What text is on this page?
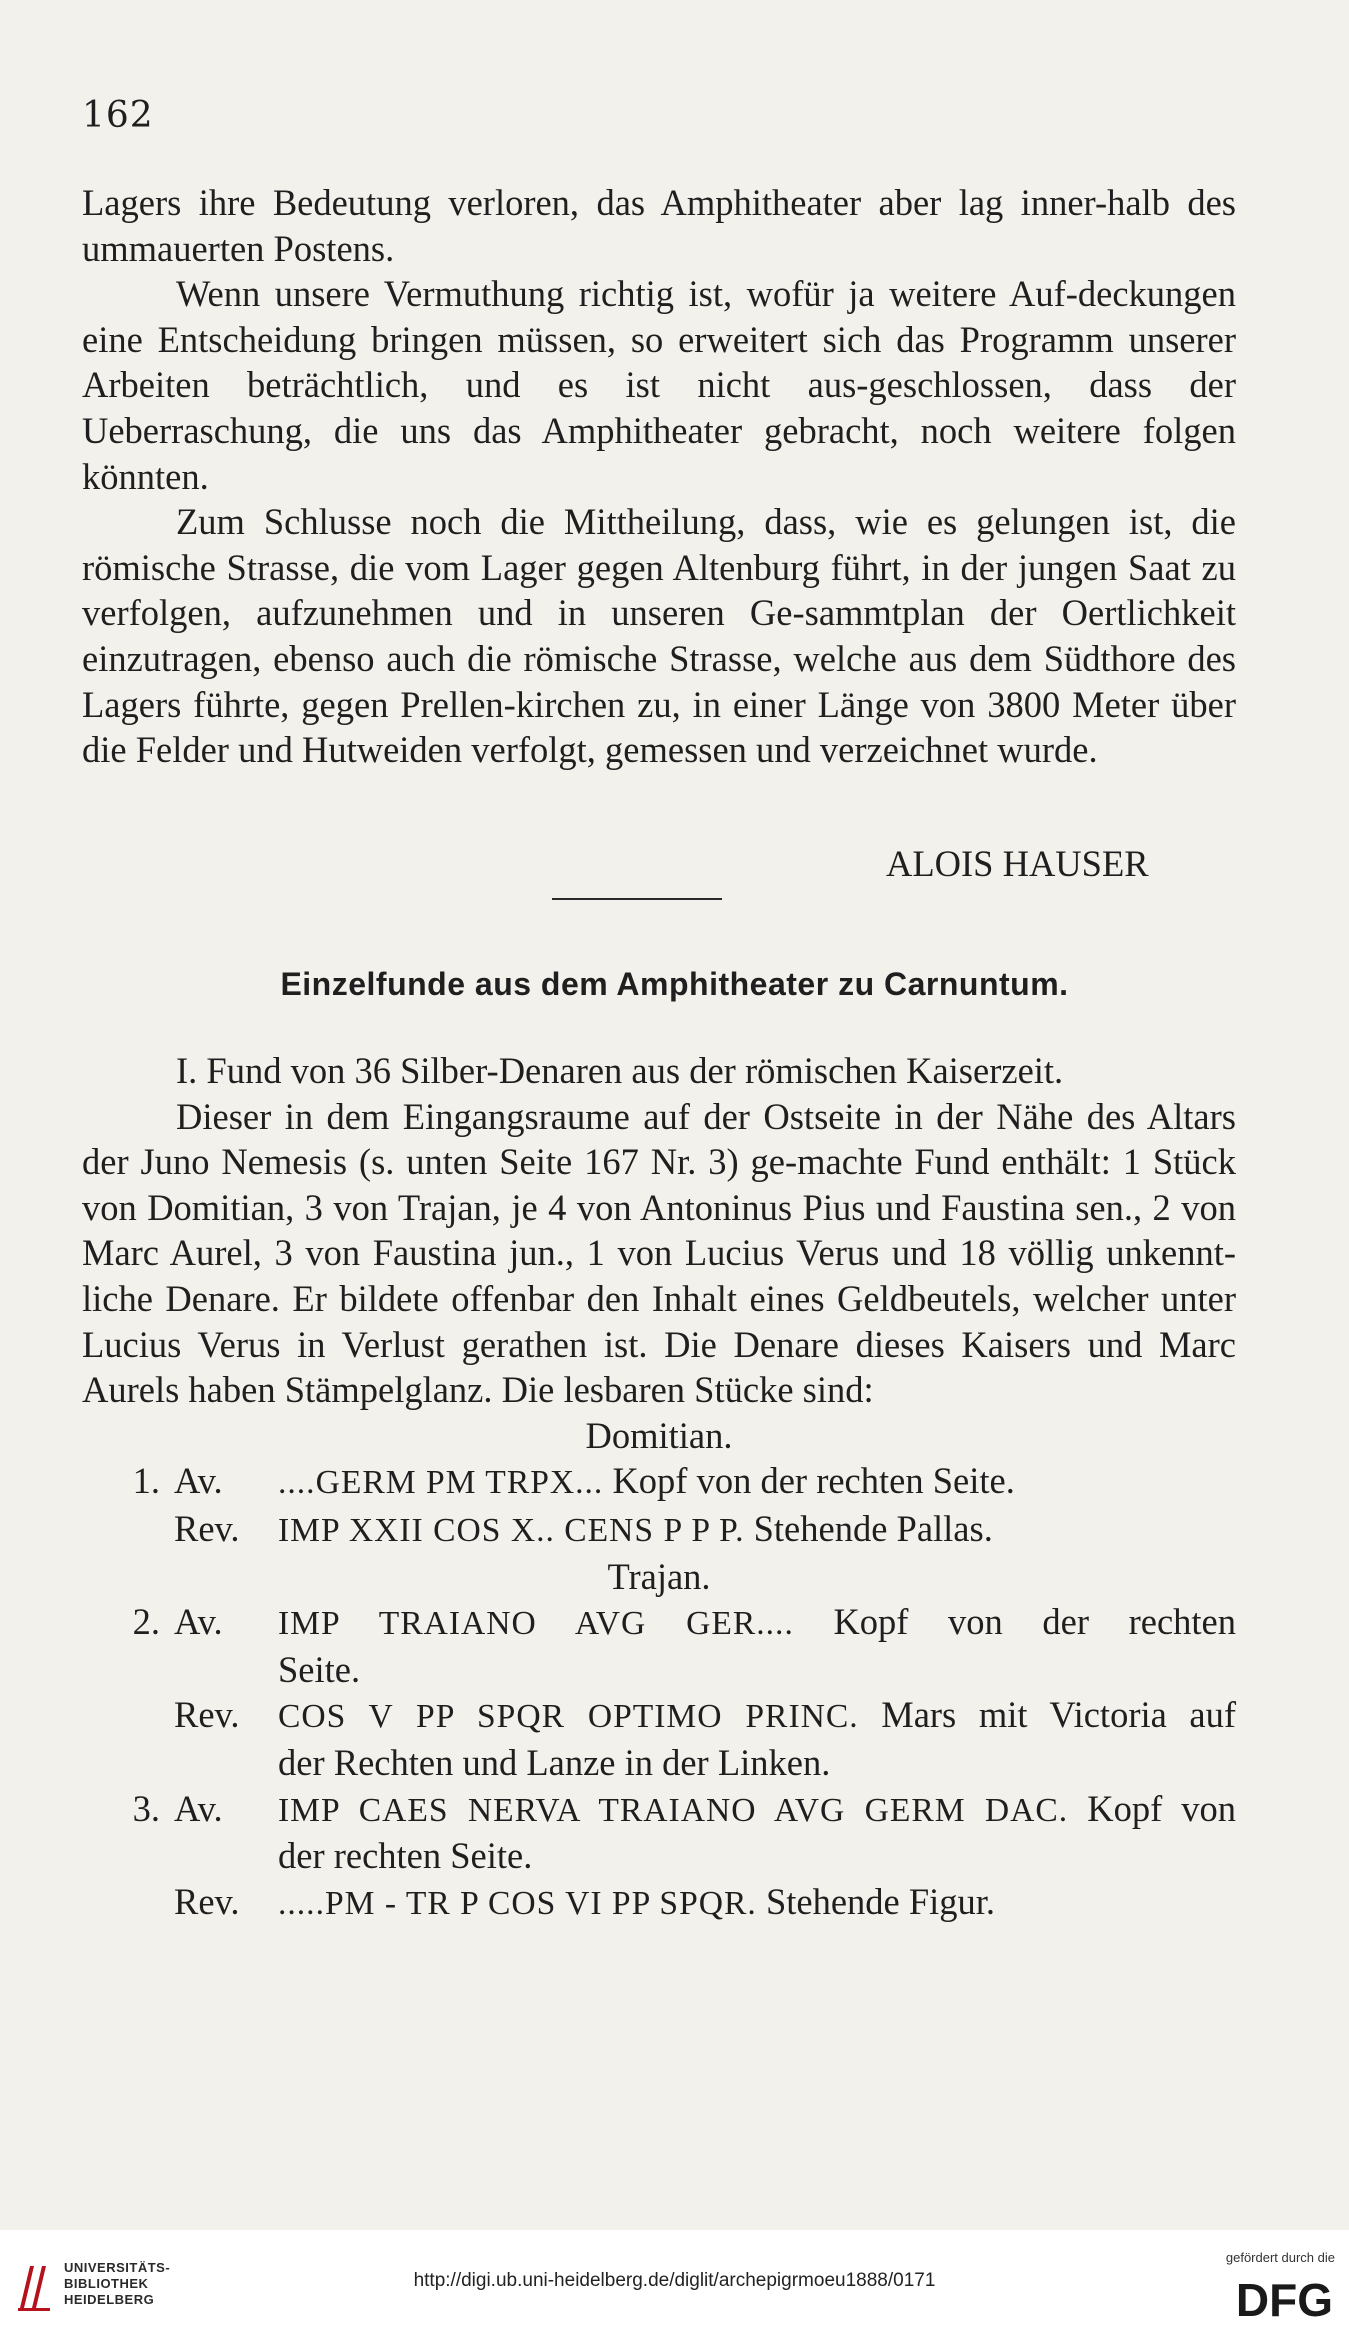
162

Lagers ihre Bedeutung verloren, das Amphitheater aber lag inner-halb des ummauerten Postens.

Wenn unsere Vermuthung richtig ist, wofür ja weitere Auf-deckungen eine Entscheidung bringen müssen, so erweitert sich das Programm unserer Arbeiten beträchtlich, und es ist nicht aus-geschlossen, dass der Ueberraschung, die uns das Amphitheater gebracht, noch weitere folgen könnten.

Zum Schlusse noch die Mittheilung, dass, wie es gelungen ist, die römische Strasse, die vom Lager gegen Altenburg führt, in der jungen Saat zu verfolgen, aufzunehmen und in unseren Ge-sammtplan der Oertlichkeit einzutragen, ebenso auch die römische Strasse, welche aus dem Südthore des Lagers führte, gegen Prellen-kirchen zu, in einer Länge von 3800 Meter über die Felder und Hutweiden verfolgt, gemessen und verzeichnet wurde.

ALOIS HAUSER
Einzelfunde aus dem Amphitheater zu Carnuntum.

I. Fund von 36 Silber-Denaren aus der römischen Kaiserzeit.

Dieser in dem Eingangsraume auf der Ostseite in der Nähe des Altars der Juno Nemesis (s. unten Seite 167 Nr. 3) ge-machte Fund enthält: 1 Stück von Domitian, 3 von Trajan, je 4 von Antoninus Pius und Faustina sen., 2 von Marc Aurel, 3 von Faustina jun., 1 von Lucius Verus und 18 völlig unkennt-liche Denare. Er bildete offenbar den Inhalt eines Geldbeutels, welcher unter Lucius Verus in Verlust gerathen ist. Die Denare dieses Kaisers und Marc Aurels haben Stämpelglanz. Die lesbaren Stücke sind:

Domitian.

1. Av.	....GERM PM TRPX... Kopf von der rechten Seite.
Rev.	IMP XXII COS X.. CENS P P P. Stehende Pallas.

Trajan.

2. Av.	IMP TRAIANO AVG GER.... Kopf von der rechten
Seite.
Rev.	COS V PP SPQR OPTIMO PRINC. Mars mit Victoria auf
der Rechten und Lanze in der Linken.
3. Av.	IMP CAES NERVA TRAIANO AVG GERM DAC. Kopf von
der rechten Seite.
Rev.	.....PM - TR P COS VI PP SPQR. Stehende Figur.
UNIVERSITÄTS-
BIBLIOTHEK
HEIDELBERG
http://digi.ub.uni-heidelberg.de/diglit/archepigrmoeu1888/0171
gefördert durch die
DFG
